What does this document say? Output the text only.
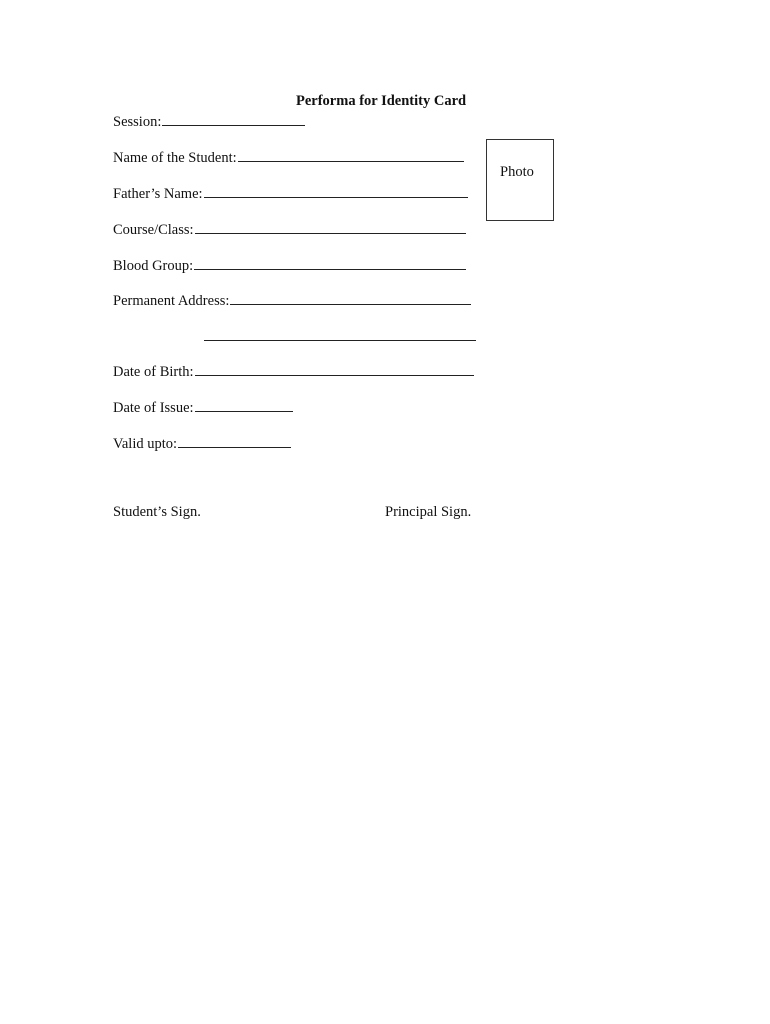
Performa for Identity Card
Session:
Name of the Student:
Father’s Name:
Course/Class:
Blood Group:
Permanent Address:
Date of Birth:
Date of Issue:
Valid upto:
Photo
Student’s Sign.	Principal Sign.
